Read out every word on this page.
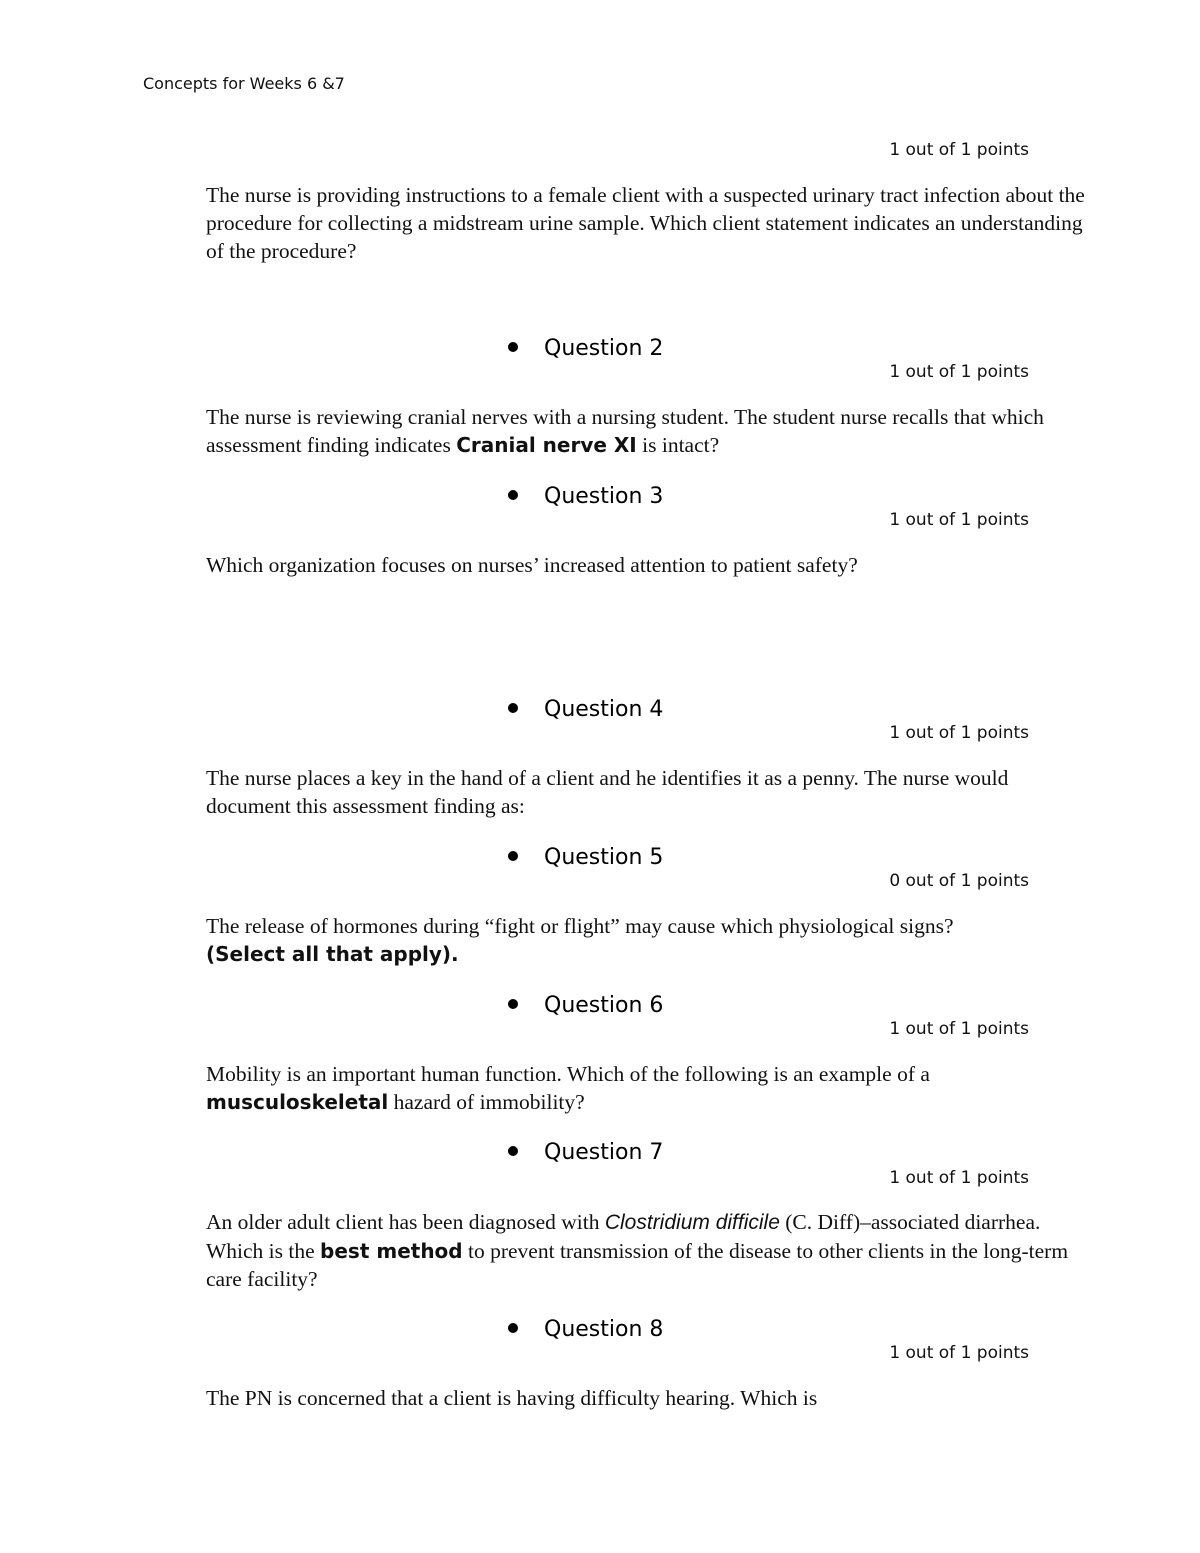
Concepts for Weeks 6 &7
1 out of 1 points
The nurse is providing instructions to a female client with a suspected urinary tract infection about the procedure for collecting a midstream urine sample. Which client statement indicates an understanding of the procedure?
Question 2
1 out of 1 points
The nurse is reviewing cranial nerves with a nursing student. The student nurse recalls that which assessment finding indicates Cranial nerve XI is intact?
Question 3
1 out of 1 points
Which organization focuses on nurses’ increased attention to patient safety?
Question 4
1 out of 1 points
The nurse places a key in the hand of a client and he identifies it as a penny. The nurse would document this assessment finding as:
Question 5
0 out of 1 points
The release of hormones during “fight or flight” may cause which physiological signs? (Select all that apply).
Question 6
1 out of 1 points
Mobility is an important human function. Which of the following is an example of a musculoskeletal hazard of immobility?
Question 7
1 out of 1 points
An older adult client has been diagnosed with Clostridium difficile (C. Diff)–associated diarrhea. Which is the best method to prevent transmission of the disease to other clients in the long-term care facility?
Question 8
1 out of 1 points
The PN is concerned that a client is having difficulty hearing. Which is
